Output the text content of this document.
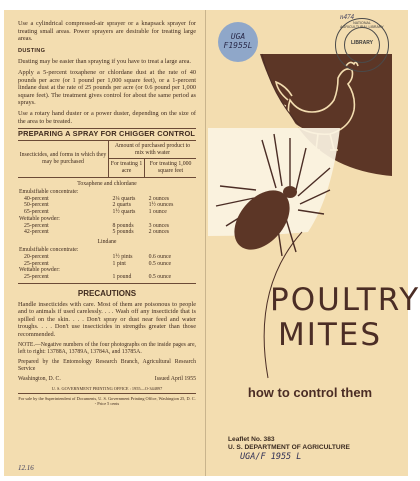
n474
UGA
F1955L
NATIONAL AGRICULTURAL LIBRARY
LIBRARY

Use a cylindrical compressed-air sprayer or a knapsack sprayer for treating small areas. Power sprayers are desirable for treating large areas.

DUSTING

Dusting may be easier than spraying if you have to treat a large area.

Apply a 5-percent toxaphene or chlordane dust at the rate of 40 pounds per acre (or 1 pound per 1,000 square feet), or a 1-percent lindane dust at the rate of 25 pounds per acre (or 0.6 pound per 1,000 square feet). The treatment gives control for about the same period as sprays.

Use a rotary hand duster or a power duster, depending on the size of the area to be treated.

PREPARING A SPRAY FOR CHIGGER CONTROL
Insecticides, and forms in which they may be purchased	Amount of purchased product to mix with water	
	For treating 1 acre	For treating 1,000 square feet
Toxaphene and chlordane		
Emulsifiable concentrate:		
40-percent	2¼ quarts	2 ounces
50-percent	2 quarts	1½ ounces
65-percent	1½ quarts	1 ounce
Wettable powder:		
25-percent	8 pounds	3 ounces
42-percent	5 pounds	2 ounces
Lindane		
Emulsifiable concentrate:		
20-percent	1½ pints	0.6 ounce
25-percent	1 pint	0.5 ounce
Wettable powder:		
25-percent	1 pound	0.5 ounce
PRECAUTIONS

Handle insecticides with care. Most of them are poisonous to people and to animals if used carelessly. . . . Wash off any insecticide that is spilled on the skin. . . . Don't spray or dust near feed and water troughs. . . . Don't use insecticides in strengths greater than those recommended.

NOTE.—Negative numbers of the four photographs on the inside pages are, left to right: 13788A, 13789A, 13784A, and 13785A.

Prepared by the Entomology Research Branch, Agricultural Research Service

Washington, D. C.	Issued April 1955
U. S. GOVERNMENT PRINTING OFFICE : 1955—O-344897
For sale by the Superintendent of Documents, U. S. Government Printing Office, Washington 25, D. C. - Price 5 cents
12.16
POULTRY
MITES
how to control them
Leaflet No. 383
U. S. DEPARTMENT OF AGRICULTURE
UGA/F 1955 L
